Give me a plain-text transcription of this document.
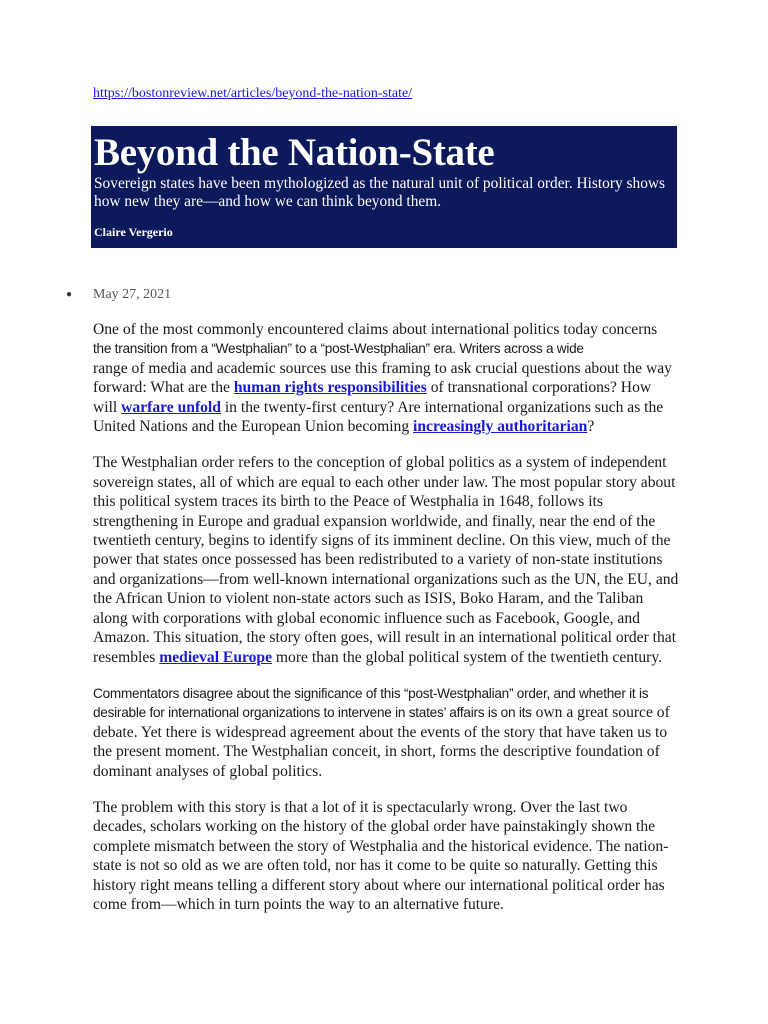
https://bostonreview.net/articles/beyond-the-nation-state/
Beyond the Nation-State

Sovereign states have been mythologized as the natural unit of political order. History shows how new they are—and how we can think beyond them.

Claire Vergerio
● May 27, 2021

One of the most commonly encountered claims about international politics today concerns
the transition from a “Westphalian” to a “post-Westphalian” era. Writers across a wide
range of media and academic sources use this framing to ask crucial questions about the way
forward: What are the human rights responsibilities of transnational corporations? How
will warfare unfold in the twenty-first century? Are international organizations such as the
United Nations and the European Union becoming increasingly authoritarian?

The Westphalian order refers to the conception of global politics as a system of independent sovereign states, all of which are equal to each other under law. The most popular story about this political system traces its birth to the Peace of Westphalia in 1648, follows its strengthening in Europe and gradual expansion worldwide, and finally, near the end of the twentieth century, begins to identify signs of its imminent decline. On this view, much of the power that states once possessed has been redistributed to a variety of non-state institutions and organizations—from well-known international organizations such as the UN, the EU, and the African Union to violent non-state actors such as ISIS, Boko Haram, and the Taliban along with corporations with global economic influence such as Facebook, Google, and Amazon. This situation, the story often goes, will result in an international political order that resembles medieval Europe more than the global political system of the twentieth century.

Commentators disagree about the significance of this “post-Westphalian” order, and whether it is desirable for international organizations to intervene in states’ affairs is on its own a great source of debate. Yet there is widespread agreement about the events of the story that have taken us to the present moment. The Westphalian conceit, in short, forms the descriptive foundation of dominant analyses of global politics.

The problem with this story is that a lot of it is spectacularly wrong. Over the last two decades, scholars working on the history of the global order have painstakingly shown the complete mismatch between the story of Westphalia and the historical evidence. The nation-state is not so old as we are often told, nor has it come to be quite so naturally. Getting this history right means telling a different story about where our international political order has come from—which in turn points the way to an alternative future.
